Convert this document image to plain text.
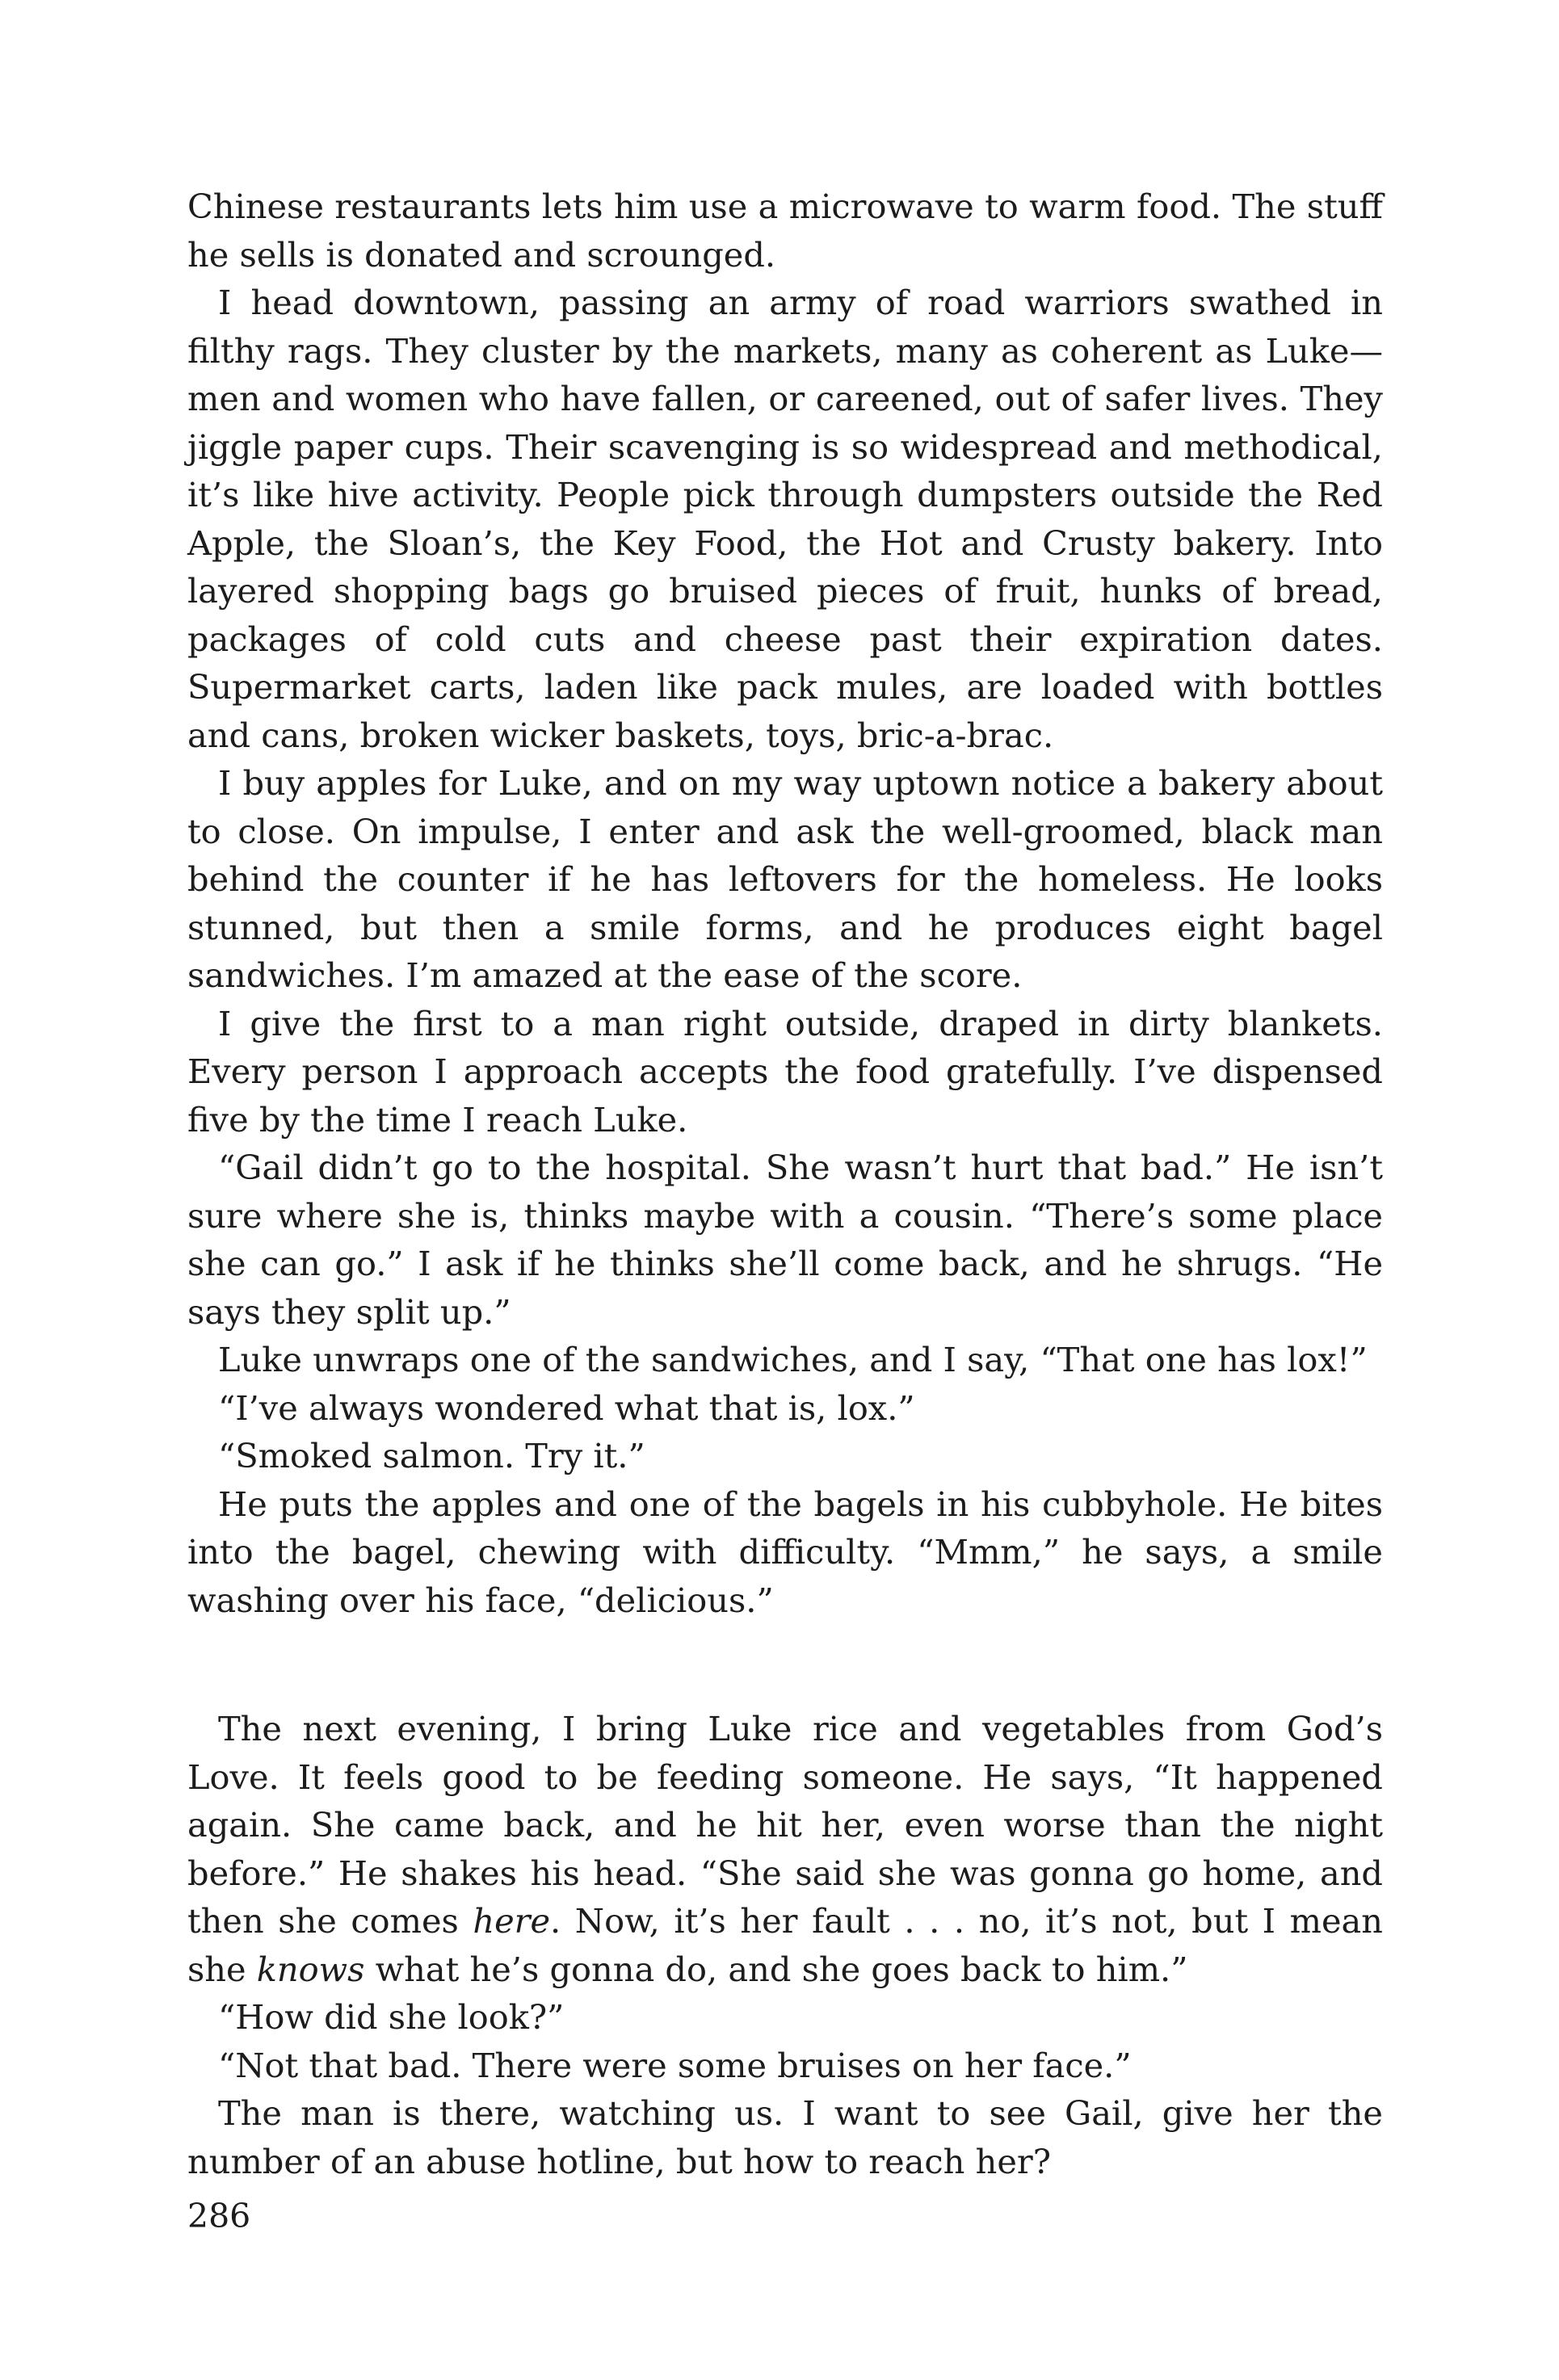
Chinese restaurants lets him use a microwave to warm food. The stuff he sells is donated and scrounged.

I head downtown, passing an army of road warriors swathed in filthy rags. They cluster by the markets, many as coherent as Luke—men and women who have fallen, or careened, out of safer lives. They jiggle paper cups. Their scavenging is so widespread and methodical, it’s like hive activity. People pick through dumpsters outside the Red Apple, the Sloan’s, the Key Food, the Hot and Crusty bakery. Into layered shopping bags go bruised pieces of fruit, hunks of bread, packages of cold cuts and cheese past their expiration dates. Supermarket carts, laden like pack mules, are loaded with bottles and cans, broken wicker baskets, toys, bric-a-brac.

I buy apples for Luke, and on my way uptown notice a bakery about to close. On impulse, I enter and ask the well-groomed, black man behind the counter if he has leftovers for the homeless. He looks stunned, but then a smile forms, and he produces eight bagel sandwiches. I’m amazed at the ease of the score.

I give the first to a man right outside, draped in dirty blankets. Every person I approach accepts the food gratefully. I’ve dispensed five by the time I reach Luke.

“Gail didn’t go to the hospital. She wasn’t hurt that bad.” He isn’t sure where she is, thinks maybe with a cousin. “There’s some place she can go.” I ask if he thinks she’ll come back, and he shrugs. “He says they split up.”

Luke unwraps one of the sandwiches, and I say, “That one has lox!”

“I’ve always wondered what that is, lox.”

“Smoked salmon. Try it.”

He puts the apples and one of the bagels in his cubbyhole. He bites into the bagel, chewing with difficulty. “Mmm,” he says, a smile washing over his face, “delicious.”

The next evening, I bring Luke rice and vegetables from God’s Love. It feels good to be feeding someone. He says, “It happened again. She came back, and he hit her, even worse than the night before.” He shakes his head. “She said she was gonna go home, and then she comes here. Now, it’s her fault . . . no, it’s not, but I mean she knows what he’s gonna do, and she goes back to him.”

“How did she look?”

“Not that bad. There were some bruises on her face.”

The man is there, watching us. I want to see Gail, give her the number of an abuse hotline, but how to reach her?

286
